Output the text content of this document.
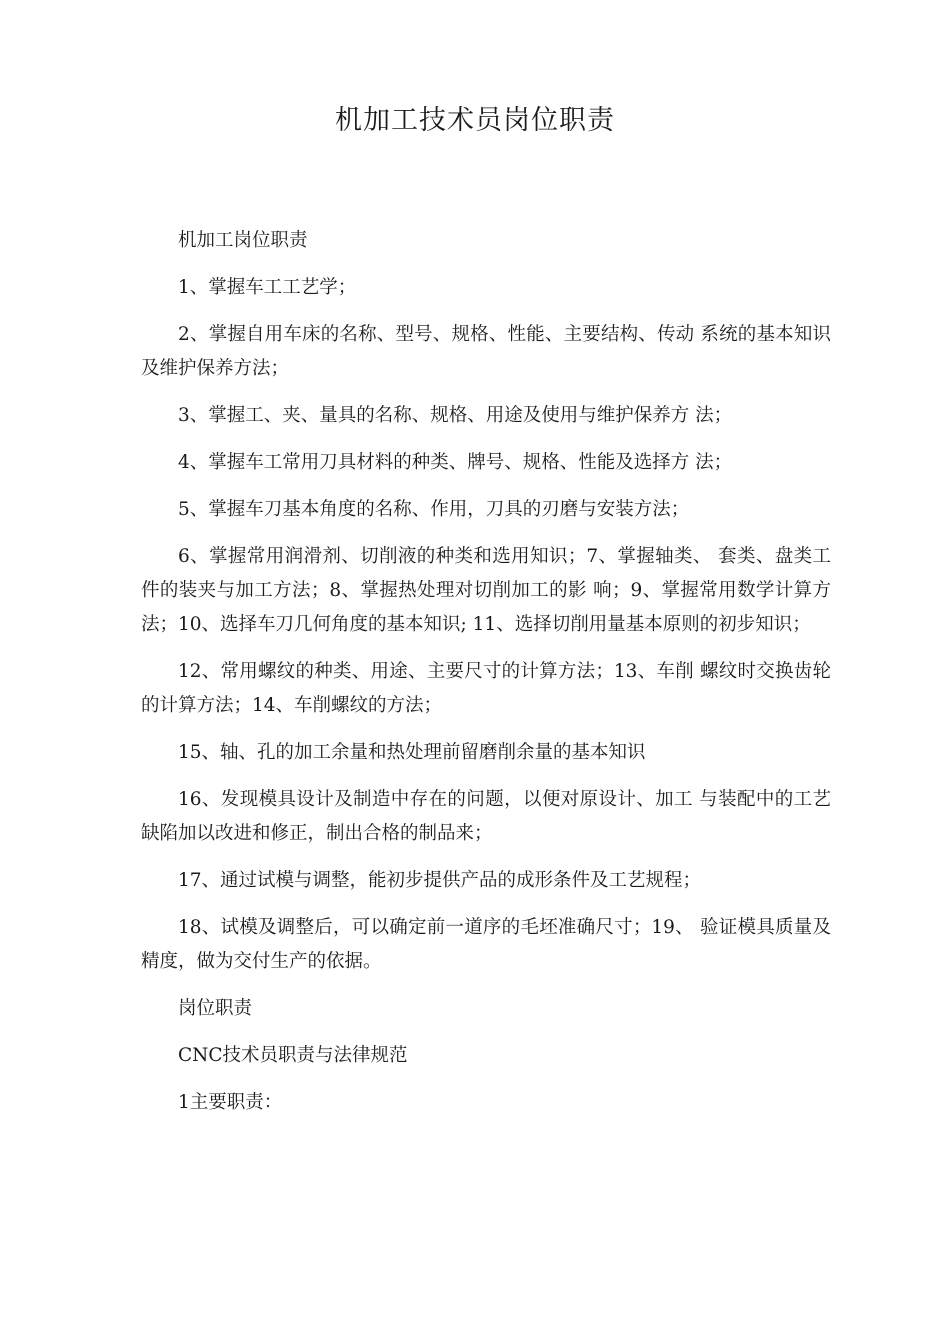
机加工技术员岗位职责

机加工岗位职责

1、掌握车工工艺学；

2、掌握自用车床的名称、型号、规格、性能、主要结构、传动 系统的基本知识及维护保养方法；

3、掌握工、夹、量具的名称、规格、用途及使用与维护保养方 法；

4、掌握车工常用刀具材料的种类、牌号、规格、性能及选择方 法；

5、掌握车刀基本角度的名称、作用，刀具的刃磨与安装方法；

6、掌握常用润滑剂、切削液的种类和选用知识；7、掌握轴类、 套类、盘类工件的装夹与加工方法；8、掌握热处理对切削加工的影 响；9、掌握常用数学计算方法；10、选择车刀几何角度的基本知识; 11、选择切削用量基本原则的初步知识；

12、常用螺纹的种类、用途、主要尺寸的计算方法；13、车削 螺纹时交换齿轮的计算方法；14、车削螺纹的方法；

15、轴、孔的加工余量和热处理前留磨削余量的基本知识

16、发现模具设计及制造中存在的问题，以便对原设计、加工 与装配中的工艺缺陷加以改进和修正，制出合格的制品来；

17、通过试模与调整，能初步提供产品的成形条件及工艺规程；

18、试模及调整后，可以确定前一道序的毛坯准确尺寸；19、 验证模具质量及精度，做为交付生产的依据。

岗位职责

CNC技术员职责与法律规范

1主要职责：
